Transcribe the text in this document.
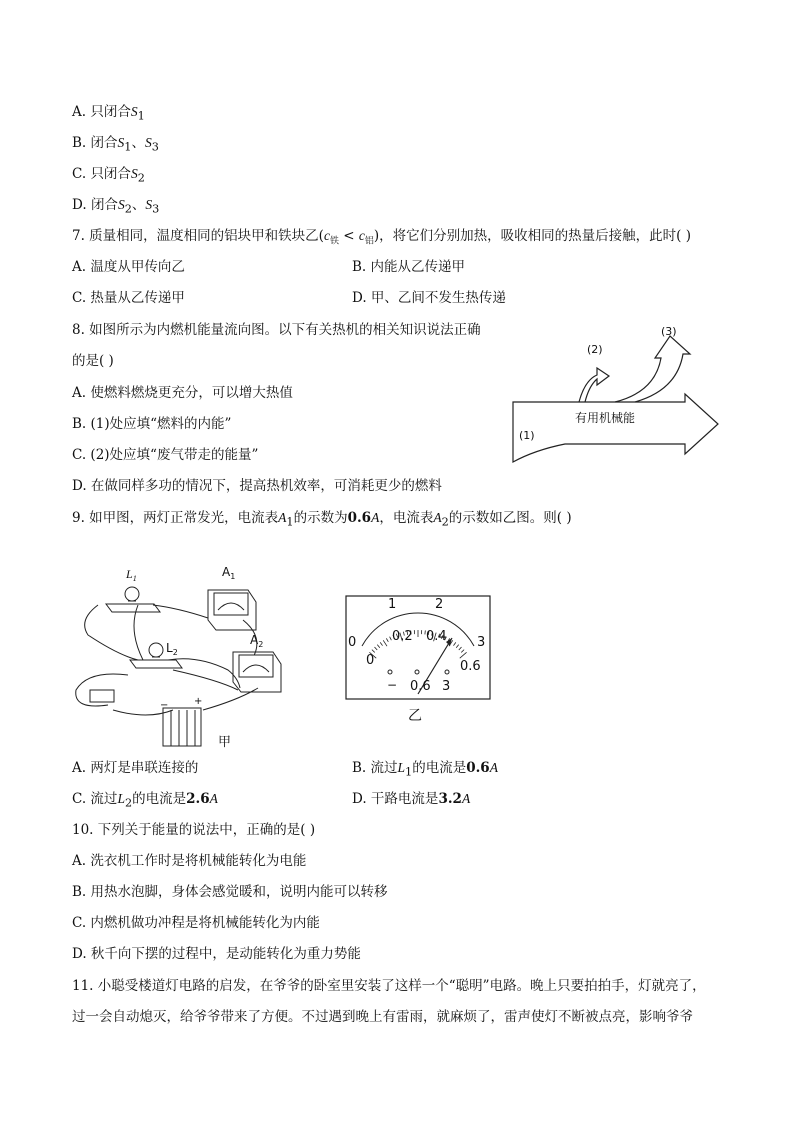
A. 只闭合$S_1$
B. 闭合$S_1$、$S_3$
C. 只闭合$S_2$
D. 闭合$S_2$、$S_3$
7. 质量相同，温度相同的铝块甲和铁块乙$(c_铁 < c_铝)$，将它们分别加热，吸收相同的热量后接触，此时( )
A. 温度从甲传向乙	B. 内能从乙传递甲
C. 热量从乙传递甲	D. 甲、乙间不发生热传递
8. 如图所示为内燃机能量流向图。以下有关热机的相关知识说法正确
的是( )
A. 使燃料燃烧更充分，可以增大热值
B. (1)处应填“燃料的内能”
C. (2)处应填“废气带走的能量”
D. 在做同样多功的情况下，提高热机效率，可消耗更少的燃料
有用机械能
(1)
(2)
(3)
9. 如甲图，两灯正常发光，电流表$A_1$的示数为0.6A，电流表$A_2$的示数如乙图。则( )
$L_1$
$L_2$
$A_1$
$A_2$
−	+
甲
1	2
0	3
0.2 0.4
0	0.6
− 0.6 3
乙
A. 两灯是串联连接的	B. 流过$L_1$的电流是0.6A
C. 流过$L_2$的电流是2.6A	D. 干路电流是3.2A
10. 下列关于能量的说法中，正确的是( )
A. 洗衣机工作时是将机械能转化为电能
B. 用热水泡脚，身体会感觉暖和，说明内能可以转移
C. 内燃机做功冲程是将机械能转化为内能
D. 秋千向下摆的过程中，是动能转化为重力势能
11. 小聪受楼道灯电路的启发，在爷爷的卧室里安装了这样一个“聪明”电路。晚上只要拍拍手，灯就亮了，
过一会自动熄灭，给爷爷带来了方便。不过遇到晚上有雷雨，就麻烦了，雷声使灯不断被点亮，影响爷爷
